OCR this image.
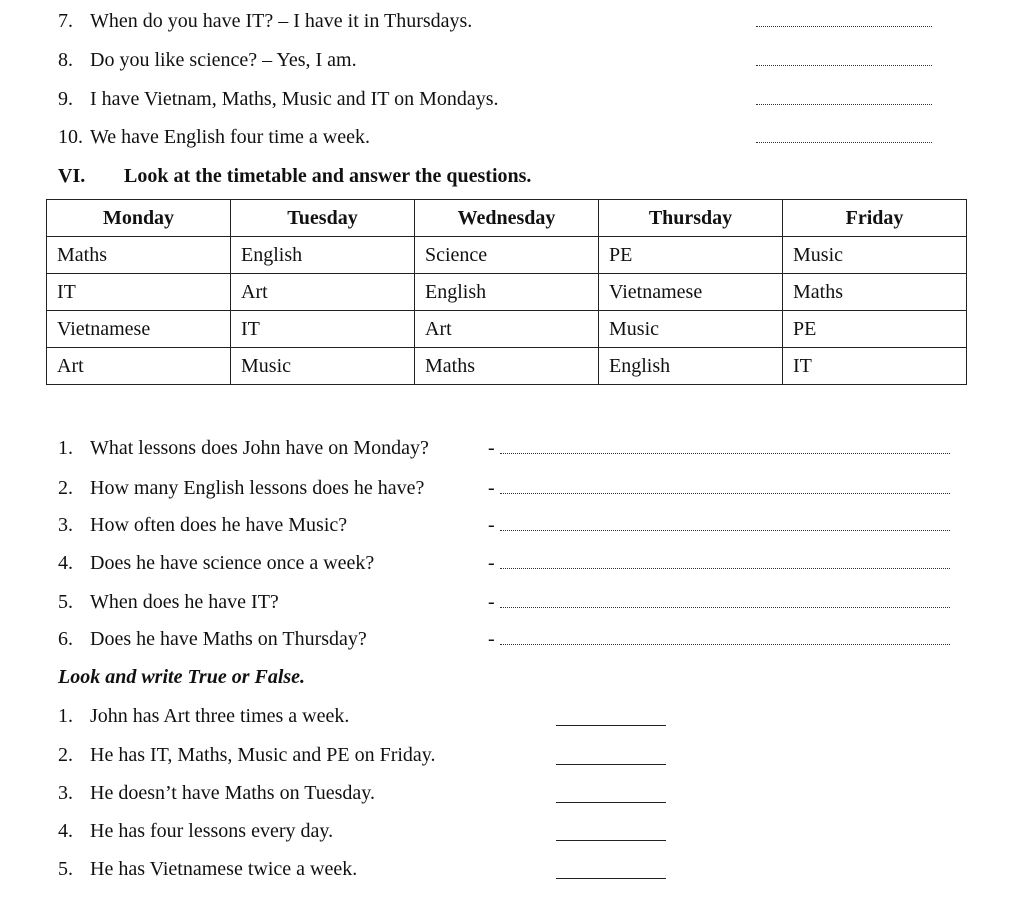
7. When do you have IT? – I have it in Thursdays.
8. Do you like science? – Yes, I am.
9. I have Vietnam, Maths, Music and IT on Mondays.
10. We have English four time a week.
VI. Look at the timetable and answer the questions.
Monday	Tuesday	Wednesday	Thursday	Friday
Maths	English	Science	PE	Music
IT	Art	English	Vietnamese	Maths
Vietnamese	IT	Art	Music	PE
Art	Music	Maths	English	IT
1. What lessons does John have on Monday?	-
2. How many English lessons does he have?	-
3. How often does he have Music?	-
4. Does he have science once a week?	-
5. When does he have IT?	-
6. Does he have Maths on Thursday?	-
Look and write True or False.
1. John has Art three times a week.
2. He has IT, Maths, Music and PE on Friday.
3. He doesn’t have Maths on Tuesday.
4. He has four lessons every day.
5. He has Vietnamese twice a week.
